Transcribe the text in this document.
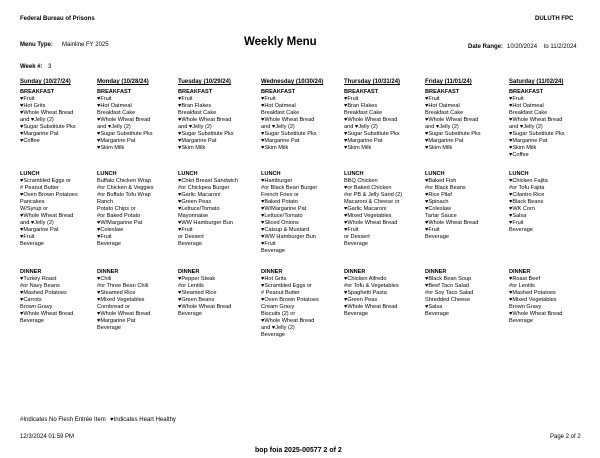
Federal Bureau of Prisons	DULUTH FPC
Weekly Menu
Menu Type: Mainline FY 2025	Date Range: 10/20/2024    to 11/2/2024
Week #: 3
Sunday (10/27/24)
BREAKFAST
♥Fruit
♥Hot Grits
♥Whole Wheat Bread
and ♥Jelly (2)
♥Sugar Substitute Pks
♥Margarine Pat
♥Coffee
LUNCH
♥Scrambled Eggs or
# Peanut Butter
♥Oven Brown Potatoes
Pancakes
W/Syrup or
♥Whole Wheat Bread
and ♥Jelly (2)
♥Margarine Pat
♥Fruit
Beverage
DINNER
♥Turkey Roast
#or Navy Beans
♥Mashed Potatoes
♥Carrots
Brown Gravy
♥Whole Wheat Bread
Beverage
Monday (10/28/24)
BREAKFAST
♥Fruit
♥Hot Oatmeal
Breakfast Cake
♥Whole Wheat Bread
and ♥Jelly (2)
♥Sugar Substitute Pks
♥Margarine Pat
♥Skim Milk
LUNCH
Buffalo Chicken Wrap
#or Chicken & Veggies
#or Buffalo Tofu Wrap
Ranch
Potato Chips or
#or Baked Potato
♥W/Margarine Pat
♥Coleslaw
♥Fruit
Beverage
DINNER
♥Chili
#or Three Bean Chili
♥Steamed Rice
♥Mixed Vegetables
Cornbread or
♥Whole Wheat Bread
♥Margarine Pat
Beverage
Tuesday (10/29/24)
BREAKFAST
♥Fruit
♥Bran Flakes
Breakfast Cake
♥Whole Wheat Bread
and ♥Jelly (2)
♥Sugar Substitute Pks
♥Margarine Pat
♥Skim Milk
LUNCH
♥Chkn Breast Sandwich
#or Chickpea Burger
♥Garlic Macaroni
♥Green Peas
♥Lettuce/Tomato
Mayonnaise
♥WW Hamburger Bun
♥Fruit
or Dessert
Beverage
DINNER
♥Pepper Steak
#or Lentils
♥Steamed Rice
♥Green Beans
♥Whole Wheat Bread
Beverage
Wednesday (10/30/24)
BREAKFAST
♥Fruit
♥Hot Oatmeal
Breakfast Cake
♥Whole Wheat Bread
and ♥Jelly (2)
♥Sugar Substitute Pks
♥Margarine Pat
♥Skim Milk
LUNCH
♥Hamburger
#or Black Bean Burger
French Fries or
♥Baked Potato
♥W/Margarine Pat
♥Lettuce/Tomato
♥Sliced Onions
♥Catsup & Mustard
♥WW Hamburger Bun
♥Fruit
Beverage
DINNER
♥Hot Grits
♥Scrambled Eggs or
# Peanut Butter
♥Oven Brown Potatoes
Cream Gravy
Biscuits (2) or
♥Whole Wheat Bread
and ♥Jelly (2)
Beverage
Thursday (10/31/24)
BREAKFAST
♥Fruit
♥Bran Flakes
Breakfast Cake
♥Whole Wheat Bread
and ♥Jelly (2)
♥Sugar Substitute Pks
♥Margarine Pat
♥Skim Milk
LUNCH
BBQ Chicken
♥or Baked Chicken
#or PB & Jelly Sand (2)
Macaroni & Cheese or
♥Garlic Macaroni
♥Mixed Vegetables
♥Whole Wheat Bread
♥Fruit
or Dessert
Beverage
DINNER
♥Chicken Alfredo
#or Tofu & Vegetables
♥Spaghetti Pasta
♥Green Peas
♥Whole Wheat Bread
Beverage
Friday (11/01/24)
BREAKFAST
♥Fruit
♥Hot Oatmeal
Breakfast Cake
♥Whole Wheat Bread
and ♥Jelly (2)
♥Sugar Substitute Pks
♥Margarine Pat
♥Skim Milk
LUNCH
♥Baked Fish
#or Black Beans
♥Rice Pilaf
♥Spinach
♥Coleslaw
Tartar Sauce
♥Whole Wheat Bread
♥Fruit
Beverage
DINNER
♥Black Bean Soup
♥Beef Taco Salad
#or Soy Taco Salad
Shredded Cheese
♥Salsa
Beverage
Saturday (11/02/24)
BREAKFAST
♥Fruit
♥Hot Oatmeal
Breakfast Cake
♥Whole Wheat Bread
and ♥Jelly (2)
♥Sugar Substitute Pks
♥Margarine Pat
♥Skim Milk
♥Coffee
LUNCH
♥Chicken Fajita
#or Tofu Fajita
♥Cilantro Rice
♥Black Beans
♥WK Corn
♥Salsa
♥Fruit
Beverage
DINNER
♥Roast Beef
#or Lentils
♥Mashed Potatoes
♥Mixed Vegetables
Brown Gravy
♥Whole Wheat Bread
Beverage
#Indicates No Flesh Entrée Item ♥Indicates Heart Healthy
12/3/2024 01:59 PM	Page 2 of 2
bop foia 2025-00577 2 of 2
